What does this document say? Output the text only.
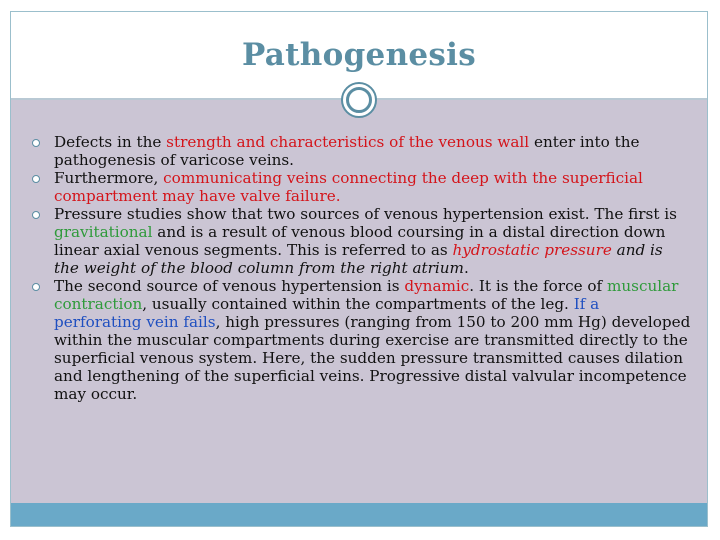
Pathogenesis
Defects in the strength and characteristics of the venous wall enter into the pathogenesis of varicose veins.
Furthermore, communicating veins connecting the deep with the superficial compartment may have valve failure.
Pressure studies show that two sources of venous hypertension exist. The first is gravitational and is a result of venous blood coursing in a distal direction down linear axial venous segments. This is referred to as hydrostatic pressure and is the weight of the blood column from the right atrium.
The second source of venous hypertension is dynamic. It is the force of muscular contraction, usually contained within the compartments of the leg. If a perforating vein fails, high pressures (ranging from 150 to 200 mm Hg) developed within the muscular compartments during exercise are transmitted directly to the superficial venous system. Here, the sudden pressure transmitted causes dilation and lengthening of the superficial veins. Progressive distal valvular incompetence may occur.
